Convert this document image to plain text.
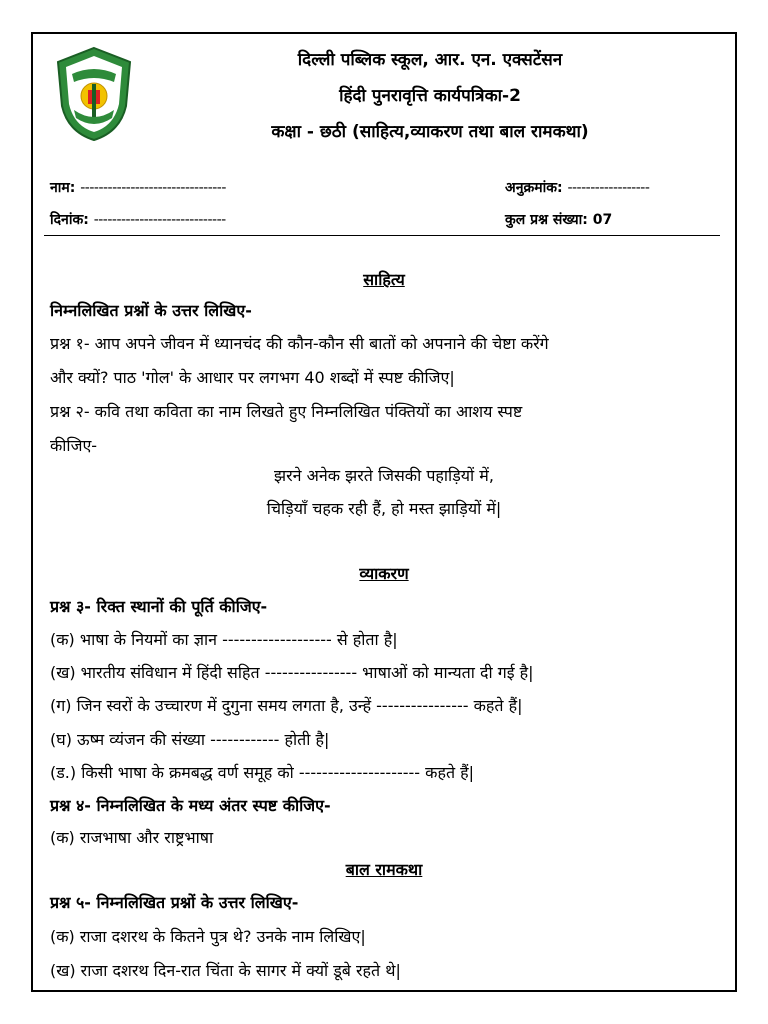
दिल्ली पब्लिक स्कूल, आर. एन. एक्सटेंसन
हिंदी पुनरावृत्ति कार्यपत्रिका-2
कक्षा - छठी (साहित्य,व्याकरण तथा बाल रामकथा)
नाम: --------------------------------	अनुक्रमांक: ------------------
दिनांक: -----------------------------	कुल प्रश्न संख्या: 07
साहित्य
निम्नलिखित प्रश्नों के उत्तर लिखिए-
प्रश्न १- आप अपने जीवन में ध्यानचंद की कौन-कौन सी बातों को अपनाने की चेष्टा करेंगे
और क्यों? पाठ 'गोल' के आधार पर लगभग 40 शब्दों में स्पष्ट कीजिए|
प्रश्न २- कवि तथा कविता का नाम लिखते हुए निम्नलिखित पंक्तियों का आशय स्पष्ट
कीजिए-
झरने अनेक झरते जिसकी पहाड़ियों में,
चिड़ियाँ चहक रही हैं, हो मस्त झाड़ियों में|
व्याकरण
प्रश्न ३- रिक्त स्थानों की पूर्ति कीजिए-
(क) भाषा के नियमों का ज्ञान ------------------- से होता है|
(ख) भारतीय संविधान में हिंदी सहित ---------------- भाषाओं को मान्यता दी गई है|
(ग) जिन स्वरों के उच्चारण में दुगुना समय लगता है, उन्हें ---------------- कहते हैं|
(घ) ऊष्म व्यंजन की संख्या ------------ होती है|
(ड.) किसी भाषा के क्रमबद्ध वर्ण समूह को --------------------- कहते हैं|
प्रश्न ४- निम्नलिखित के मध्य अंतर स्पष्ट कीजिए-
(क) राजभाषा और राष्ट्रभाषा
बाल रामकथा
प्रश्न ५- निम्नलिखित प्रश्नों के उत्तर लिखिए-
(क) राजा दशरथ के कितने पुत्र थे? उनके नाम लिखिए|
(ख) राजा दशरथ दिन-रात चिंता के सागर में क्यों डूबे रहते थे|
